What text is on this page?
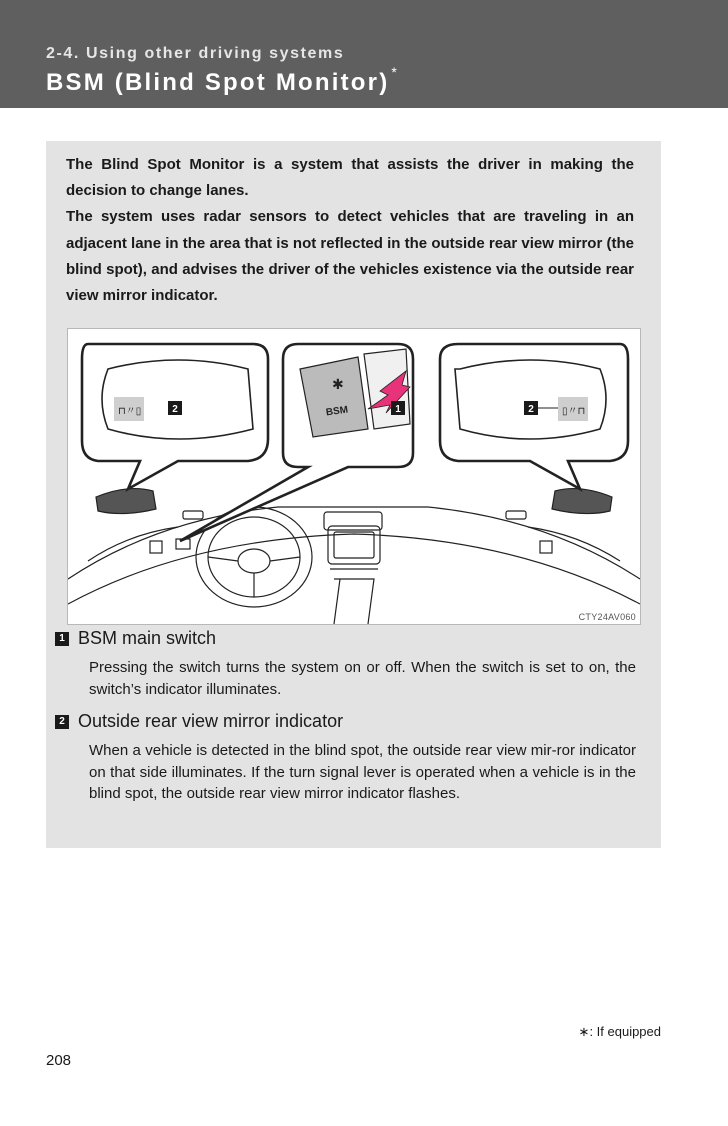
2-4. Using other driving systems
BSM (Blind Spot Monitor) *

The Blind Spot Monitor is a system that assists the driver in making the decision to change lanes.

The system uses radar sensors to detect vehicles that are traveling in an adjacent lane in the area that is not reflected in the outside rear view mirror (the blind spot), and advises the driver of the vehicles existence via the outside rear view mirror indicator.

⊓〃▯	▯〃⊓
BSM
✱
2	1	2
CTY24AV060
1 BSM main switch
Pressing the switch turns the system on or off. When the switch is set to on, the switch’s indicator illuminates.
2 Outside rear view mirror indicator
When a vehicle is detected in the blind spot, the outside rear view mir-ror indicator on that side illuminates. If the turn signal lever is operated when a vehicle is in the blind spot, the outside rear view mirror indicator flashes.
∗: If equipped
208
